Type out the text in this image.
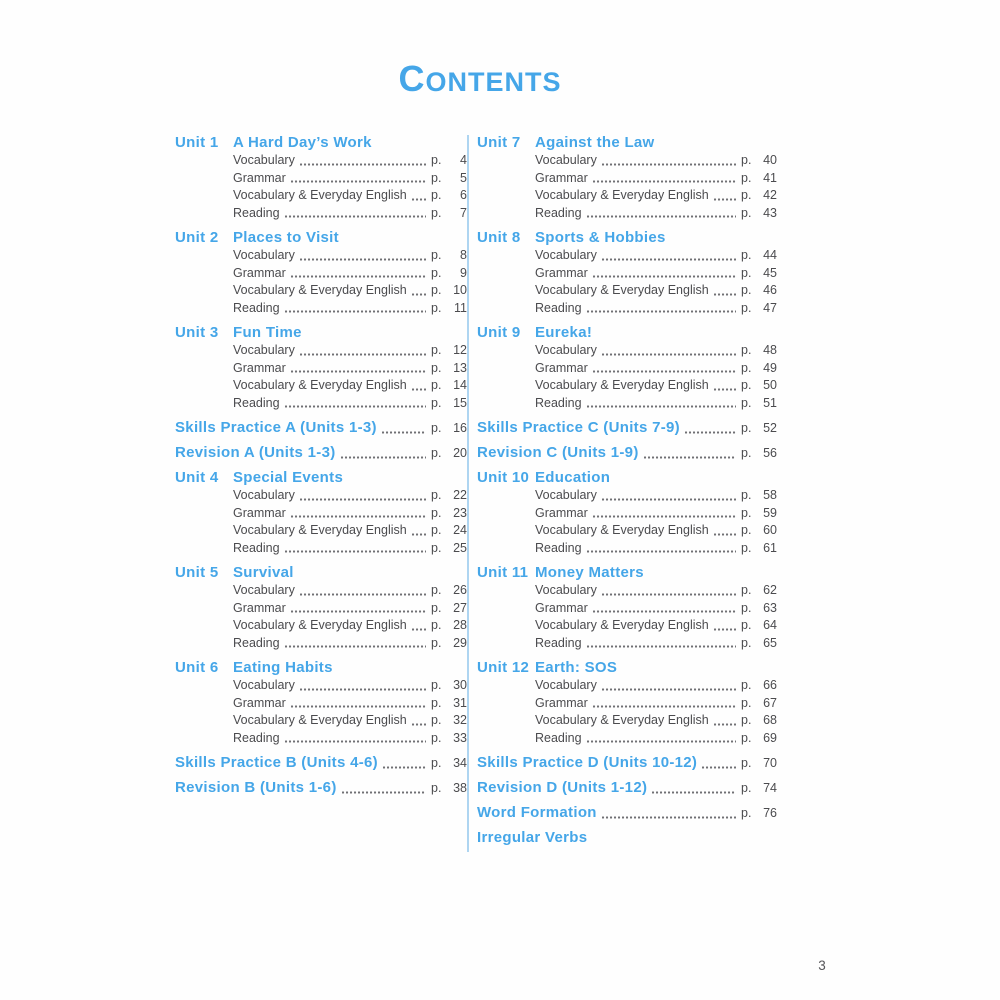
CONTENTS
Unit 1 A Hard Day’s Work
Vocabulary	p.	4
Grammar	p.	5
Vocabulary & Everyday English p.	6
Reading	p.	7
Unit 2 Places to Visit
Vocabulary	p.	8
Grammar	p.	9
Vocabulary & Everyday English p. 10
Reading	p.	11
Unit 3 Fun Time
Vocabulary	p. 12
Grammar	p. 13
Vocabulary & Everyday English p. 14
Reading	p. 15
Skills Practice A (Units 1-3)	p. 16
Revision A (Units 1-3)	p. 20
Unit 4 Special Events
Vocabulary	p. 22
Grammar	p. 23
Vocabulary & Everyday English p. 24
Reading	p. 25
Unit 5 Survival
Vocabulary	p. 26
Grammar	p. 27
Vocabulary & Everyday English p. 28
Reading	p. 29
Unit 6 Eating Habits
Vocabulary	p. 30
Grammar	p. 31
Vocabulary & Everyday English p. 32
Reading	p. 33
Skills Practice B (Units 4-6)	p. 34
Revision B (Units 1-6)	p. 38
Unit 7 Against the Law
Vocabulary	p. 40
Grammar	p. 41
Vocabulary & Everyday English	p. 42
Reading	p. 43
Unit 8 Sports & Hobbies
Vocabulary	p. 44
Grammar	p. 45
Vocabulary & Everyday English	p. 46
Reading	p. 47
Unit 9 Eureka!
Vocabulary	p. 48
Grammar	p. 49
Vocabulary & Everyday English	p. 50
Reading	p. 51
Skills Practice C (Units 7-9)	p. 52
Revision C (Units 1-9)	p. 56
Unit 10 Education
Vocabulary	p. 58
Grammar	p. 59
Vocabulary & Everyday English	p. 60
Reading	p. 61
Unit 11 Money Matters
Vocabulary	p. 62
Grammar	p. 63
Vocabulary & Everyday English	p. 64
Reading	p. 65
Unit 12 Earth: SOS
Vocabulary	p. 66
Grammar	p. 67
Vocabulary & Everyday English	p. 68
Reading	p. 69
Skills Practice D (Units 10-12)	p. 70
Revision D (Units 1-12)	p. 74
Word Formation	p. 76
Irregular Verbs
3
